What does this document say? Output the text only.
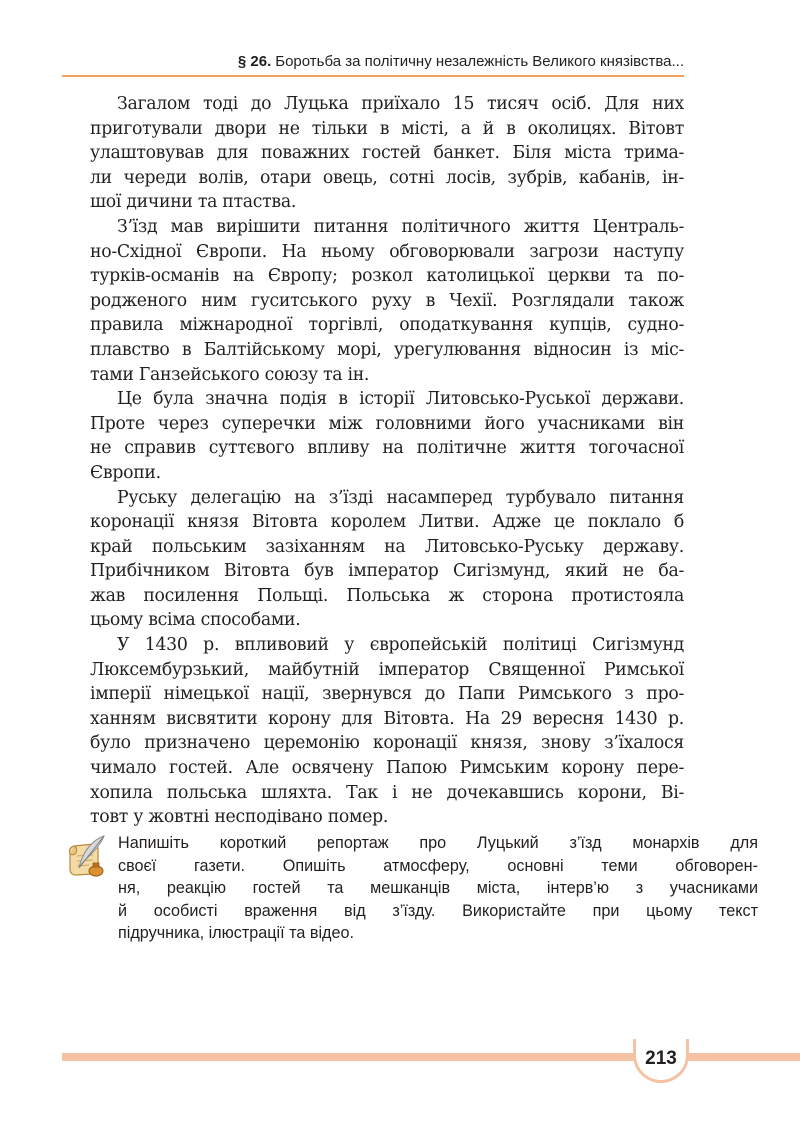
§ 26. Боротьба за політичну незалежність Великого князівства...
Загалом тоді до Луцька приїхало 15 тисяч осіб. Для них
приготували двори не тільки в місті, а й в околицях. Вітовт
улаштовував для поважних гостей банкет. Біля міста трима-
ли череди волів, отари овець, сотні лосів, зубрів, кабанів, ін-
шої дичини та птаства.
З’їзд мав вирішити питання політичного життя Централь-
но-Східної Європи. На ньому обговорювали загрози наступу
турків-османів на Європу; розкол католицької церкви та по-
родженого ним гуситського руху в Чехії. Розглядали також
правила міжнародної торгівлі, оподаткування купців, судно-
плавство в Балтійському морі, урегулювання відносин із міс-
тами Ганзейського союзу та ін.
Це була значна подія в історії Литовсько-Руської держави.
Проте через суперечки між головними його учасниками він
не справив суттєвого впливу на політичне життя тогочасної
Європи.
Руську делегацію на з’їзді насамперед турбувало питання
коронації князя Вітовта королем Литви. Адже це поклало б
край польським зазіханням на Литовсько-Руську державу.
Прибічником Вітовта був імператор Сигізмунд, який не ба-
жав посилення Польщі. Польська ж сторона протистояла
цьому всіма способами.
У 1430 р. впливовий у європейській політиці Сигізмунд
Люксембурзький, майбутній імператор Священної Римської
імперії німецької нації, звернувся до Папи Римського з про-
ханням висвятити корону для Вітовта. На 29 вересня 1430 р.
було призначено церемонію коронації князя, знову з’їхалося
чимало гостей. Але освячену Папою Римським корону пере-
хопила польська шляхта. Так і не дочекавшись корони, Ві-
товт у жовтні несподівано помер.
Напишіть короткий репортаж про Луцький з’їзд монархів для
своєї газети. Опишіть атмосферу, основні теми обговорен-
ня, реакцію гостей та мешканців міста, інтерв’ю з учасниками
й особисті враження від з’їзду. Використайте при цьому текст
підручника, ілюстрації та відео.
213
